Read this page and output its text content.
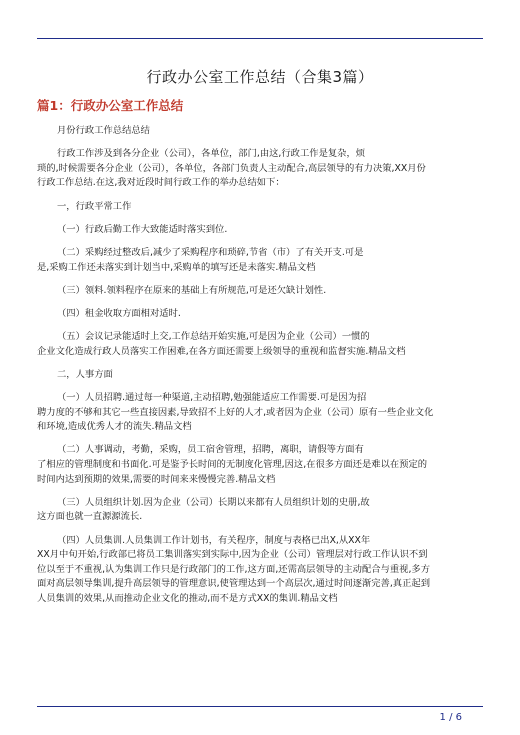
行政办公室工作总结（合集3篇）
篇1：行政办公室工作总结

月份行政工作总结总结

行政工作涉及到各分企业（公司），各单位，部门,由这,行政工作是复杂，烦
琐的,时候需要各分企业（公司），各单位，各部门负责人主动配合,高层领导的有力决策,XX月份
行政工作总结.在这,我对近段时间行政工作的举办总结如下：

一，行政平常工作

（一）行政后勤工作大致能适时落实到位.

（二）采购经过整改后,减少了采购程序和琐碎,节省（市）了有关开支.可是
是,采购工作还未落实到计划当中,采购单的填写还是未落实.精品文档

（三）领料.领料程序在原来的基础上有所规范,可是还欠缺计划性.

（四）租金收取方面相对适时.

（五）会议记录能适时上交,工作总结开始实施,可是因为企业（公司）一惯的
企业文化造成行政人员落实工作困难,在各方面还需要上级领导的重视和监督实施.精品文档

二，人事方面

（一）人员招聘.通过每一种渠道,主动招聘,勉强能适应工作需要.可是因为招
聘力度的不够和其它一些直接因素,导致招不上好的人才,或者因为企业（公司）原有一些企业文化
和环境,造成优秀人才的流失.精品文档

（二）人事调动，考勤，采购，员工宿舍管理，招聘，离职，请假等方面有
了相应的管理制度和书面化.可是鉴予长时间的无制度化管理,因这,在很多方面还是难以在预定的
时间内达到预期的效果,需要的时间来来慢慢完善.精品文档

（三）人员组织计划.因为企业（公司）长期以来都有人员组织计划的史册,故
这方面也就一直源源流长.

（四）人员集训.人员集训工作计划书，有关程序，制度与表格已出X,从XX年
XX月中旬开始,行政部已将员工集训落实到实际中,因为企业（公司）管理层对行政工作认识不到
位以至于不重视,认为集训工作只是行政部门的工作,这方面,还需高层领导的主动配合与重视,多方
面对高层领导集训,提升高层领导的管理意识,使管理达到一个高层次,通过时间逐渐完善,真正起到
人员集训的效果,从而推动企业文化的推动,而不是方式XX的集训.精品文档

1 / 6
